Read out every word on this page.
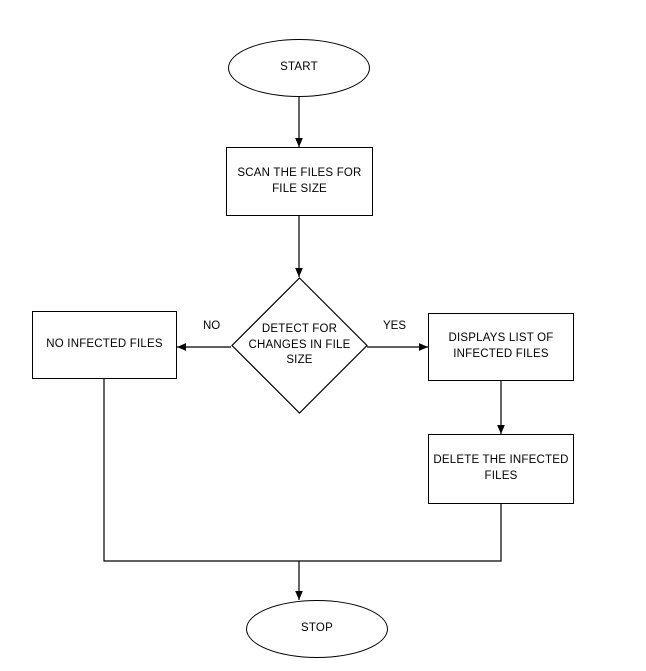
START
SCAN THE FILES FOR FILE SIZE
DETECT FOR CHANGES IN FILE SIZE
NO INFECTED FILES	DISPLAYS LIST OF INFECTED FILES
DELETE THE INFECTED FILES
STOP
NO	YES
